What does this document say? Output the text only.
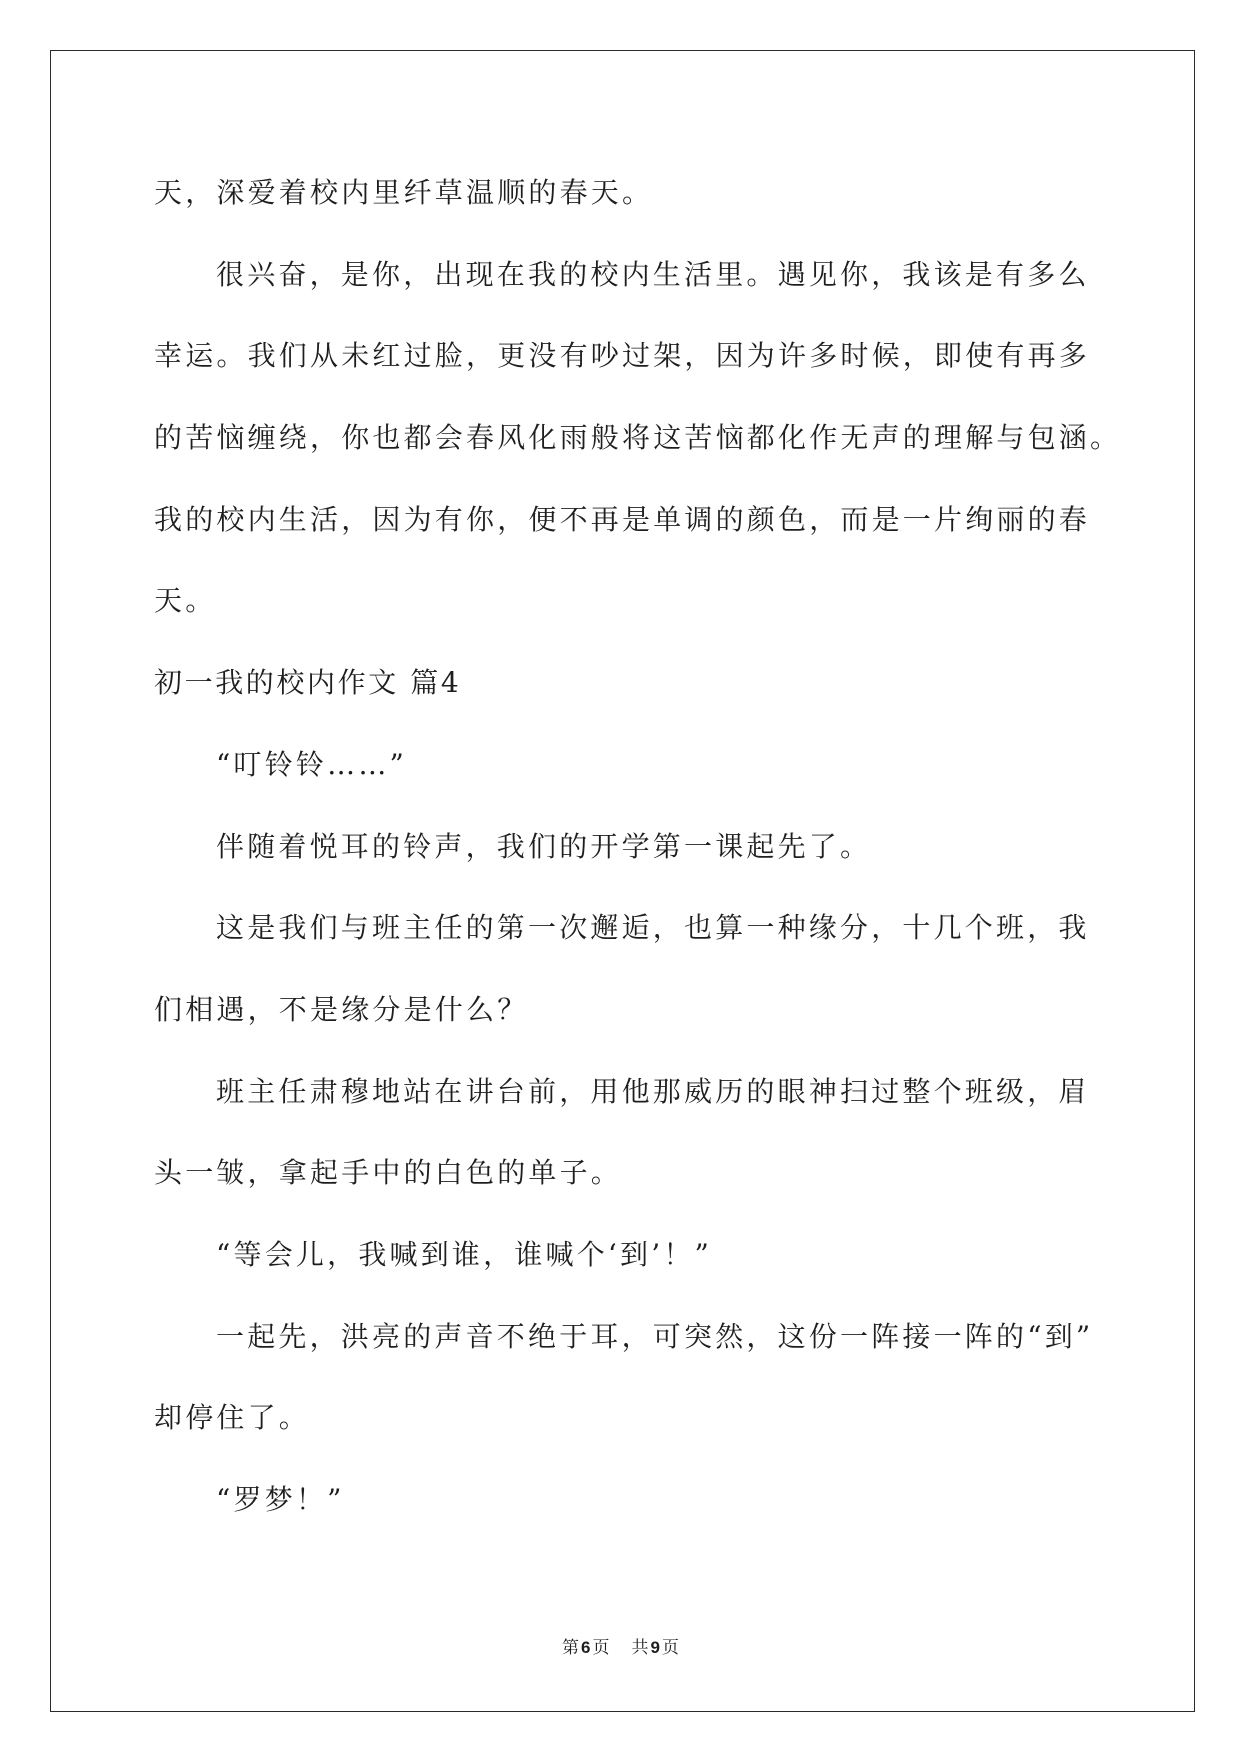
天，深爱着校内里纤草温顺的春天。
很兴奋，是你，出现在我的校内生活里。遇见你，我该是有多么
幸运。我们从未红过脸，更没有吵过架，因为许多时候，即使有再多
的苦恼缠绕，你也都会春风化雨般将这苦恼都化作无声的理解与包涵。
我的校内生活，因为有你，便不再是单调的颜色，而是一片绚丽的春
天。
初一我的校内作文 篇4
“叮铃铃……”
伴随着悦耳的铃声，我们的开学第一课起先了。
这是我们与班主任的第一次邂逅，也算一种缘分，十几个班，我
们相遇，不是缘分是什么？
班主任肃穆地站在讲台前，用他那威历的眼神扫过整个班级，眉
头一皱，拿起手中的白色的单子。
“等会儿，我喊到谁，谁喊个‘到’！”
一起先，洪亮的声音不绝于耳，可突然，这份一阵接一阵的“到”
却停住了。
“罗梦！”
第 6 页 共 9 页
